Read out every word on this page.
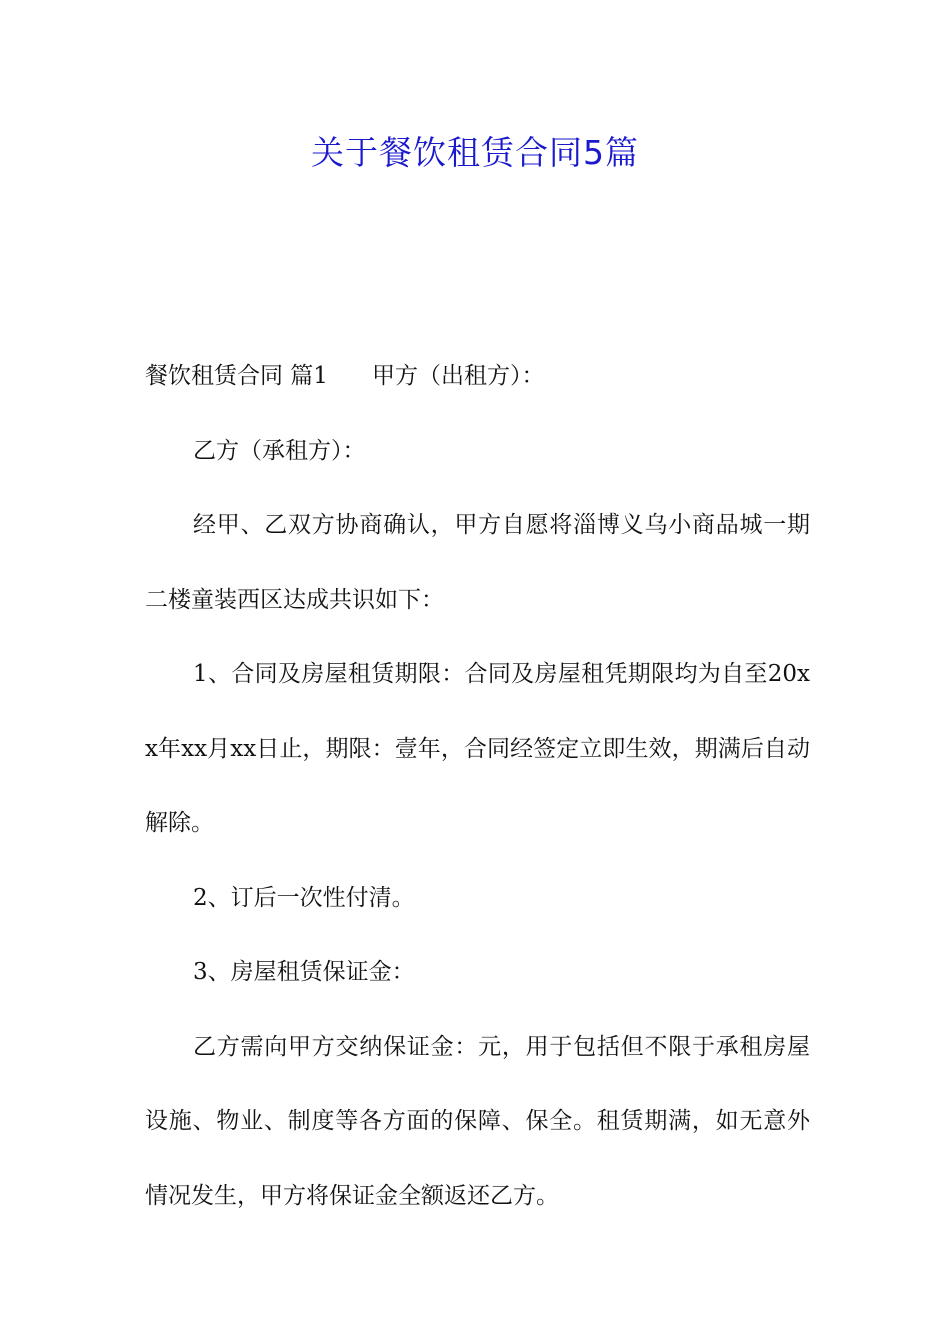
关于餐饮租赁合同5篇

餐饮租赁合同 篇1 甲方（出租方）：

乙方（承租方）：

经甲、乙双方协商确认，甲方自愿将淄博义乌小商品城一期二楼童装西区达成共识如下：

1、合同及房屋租赁期限：合同及房屋租凭期限均为自至20xx年xx月xx日止，期限：壹年，合同经签定立即生效，期满后自动解除。

2、订后一次性付清。

3、房屋租赁保证金：

乙方需向甲方交纳保证金：元，用于包括但不限于承租房屋设施、物业、制度等各方面的保障、保全。租赁期满，如无意外情况发生，甲方将保证金全额返还乙方。
